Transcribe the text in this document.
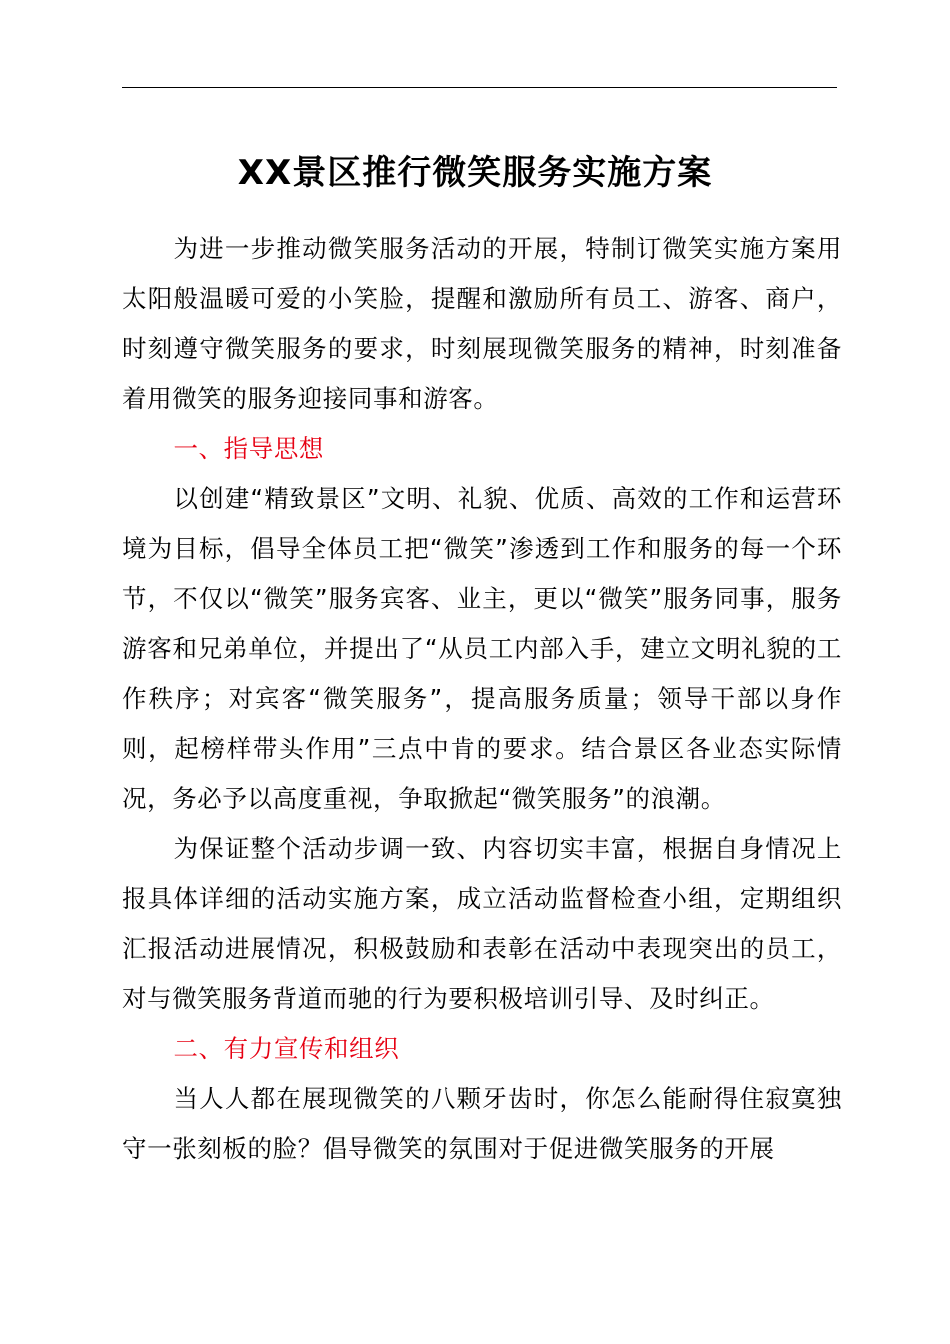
XX景区推行微笑服务实施方案

为进一步推动微笑服务活动的开展，特制订微笑实施方案用太阳般温暖可爱的小笑脸，提醒和激励所有员工、游客、商户，时刻遵守微笑服务的要求，时刻展现微笑服务的精神，时刻准备着用微笑的服务迎接同事和游客。

一、指导思想

以创建“精致景区”文明、礼貌、优质、高效的工作和运营环境为目标，倡导全体员工把“微笑”渗透到工作和服务的每一个环节，不仅以“微笑”服务宾客、业主，更以“微笑”服务同事，服务游客和兄弟单位，并提出了“从员工内部入手，建立文明礼貌的工作秩序；对宾客“微笑服务”，提高服务质量；领导干部以身作则，起榜样带头作用”三点中肯的要求。结合景区各业态实际情况，务必予以高度重视，争取掀起“微笑服务”的浪潮。

为保证整个活动步调一致、内容切实丰富，根据自身情况上报具体详细的活动实施方案，成立活动监督检查小组，定期组织汇报活动进展情况，积极鼓励和表彰在活动中表现突出的员工，对与微笑服务背道而驰的行为要积极培训引导、及时纠正。

二、有力宣传和组织

当人人都在展现微笑的八颗牙齿时，你怎么能耐得住寂寞独守一张刻板的脸？倡导微笑的氛围对于促进微笑服务的开展
